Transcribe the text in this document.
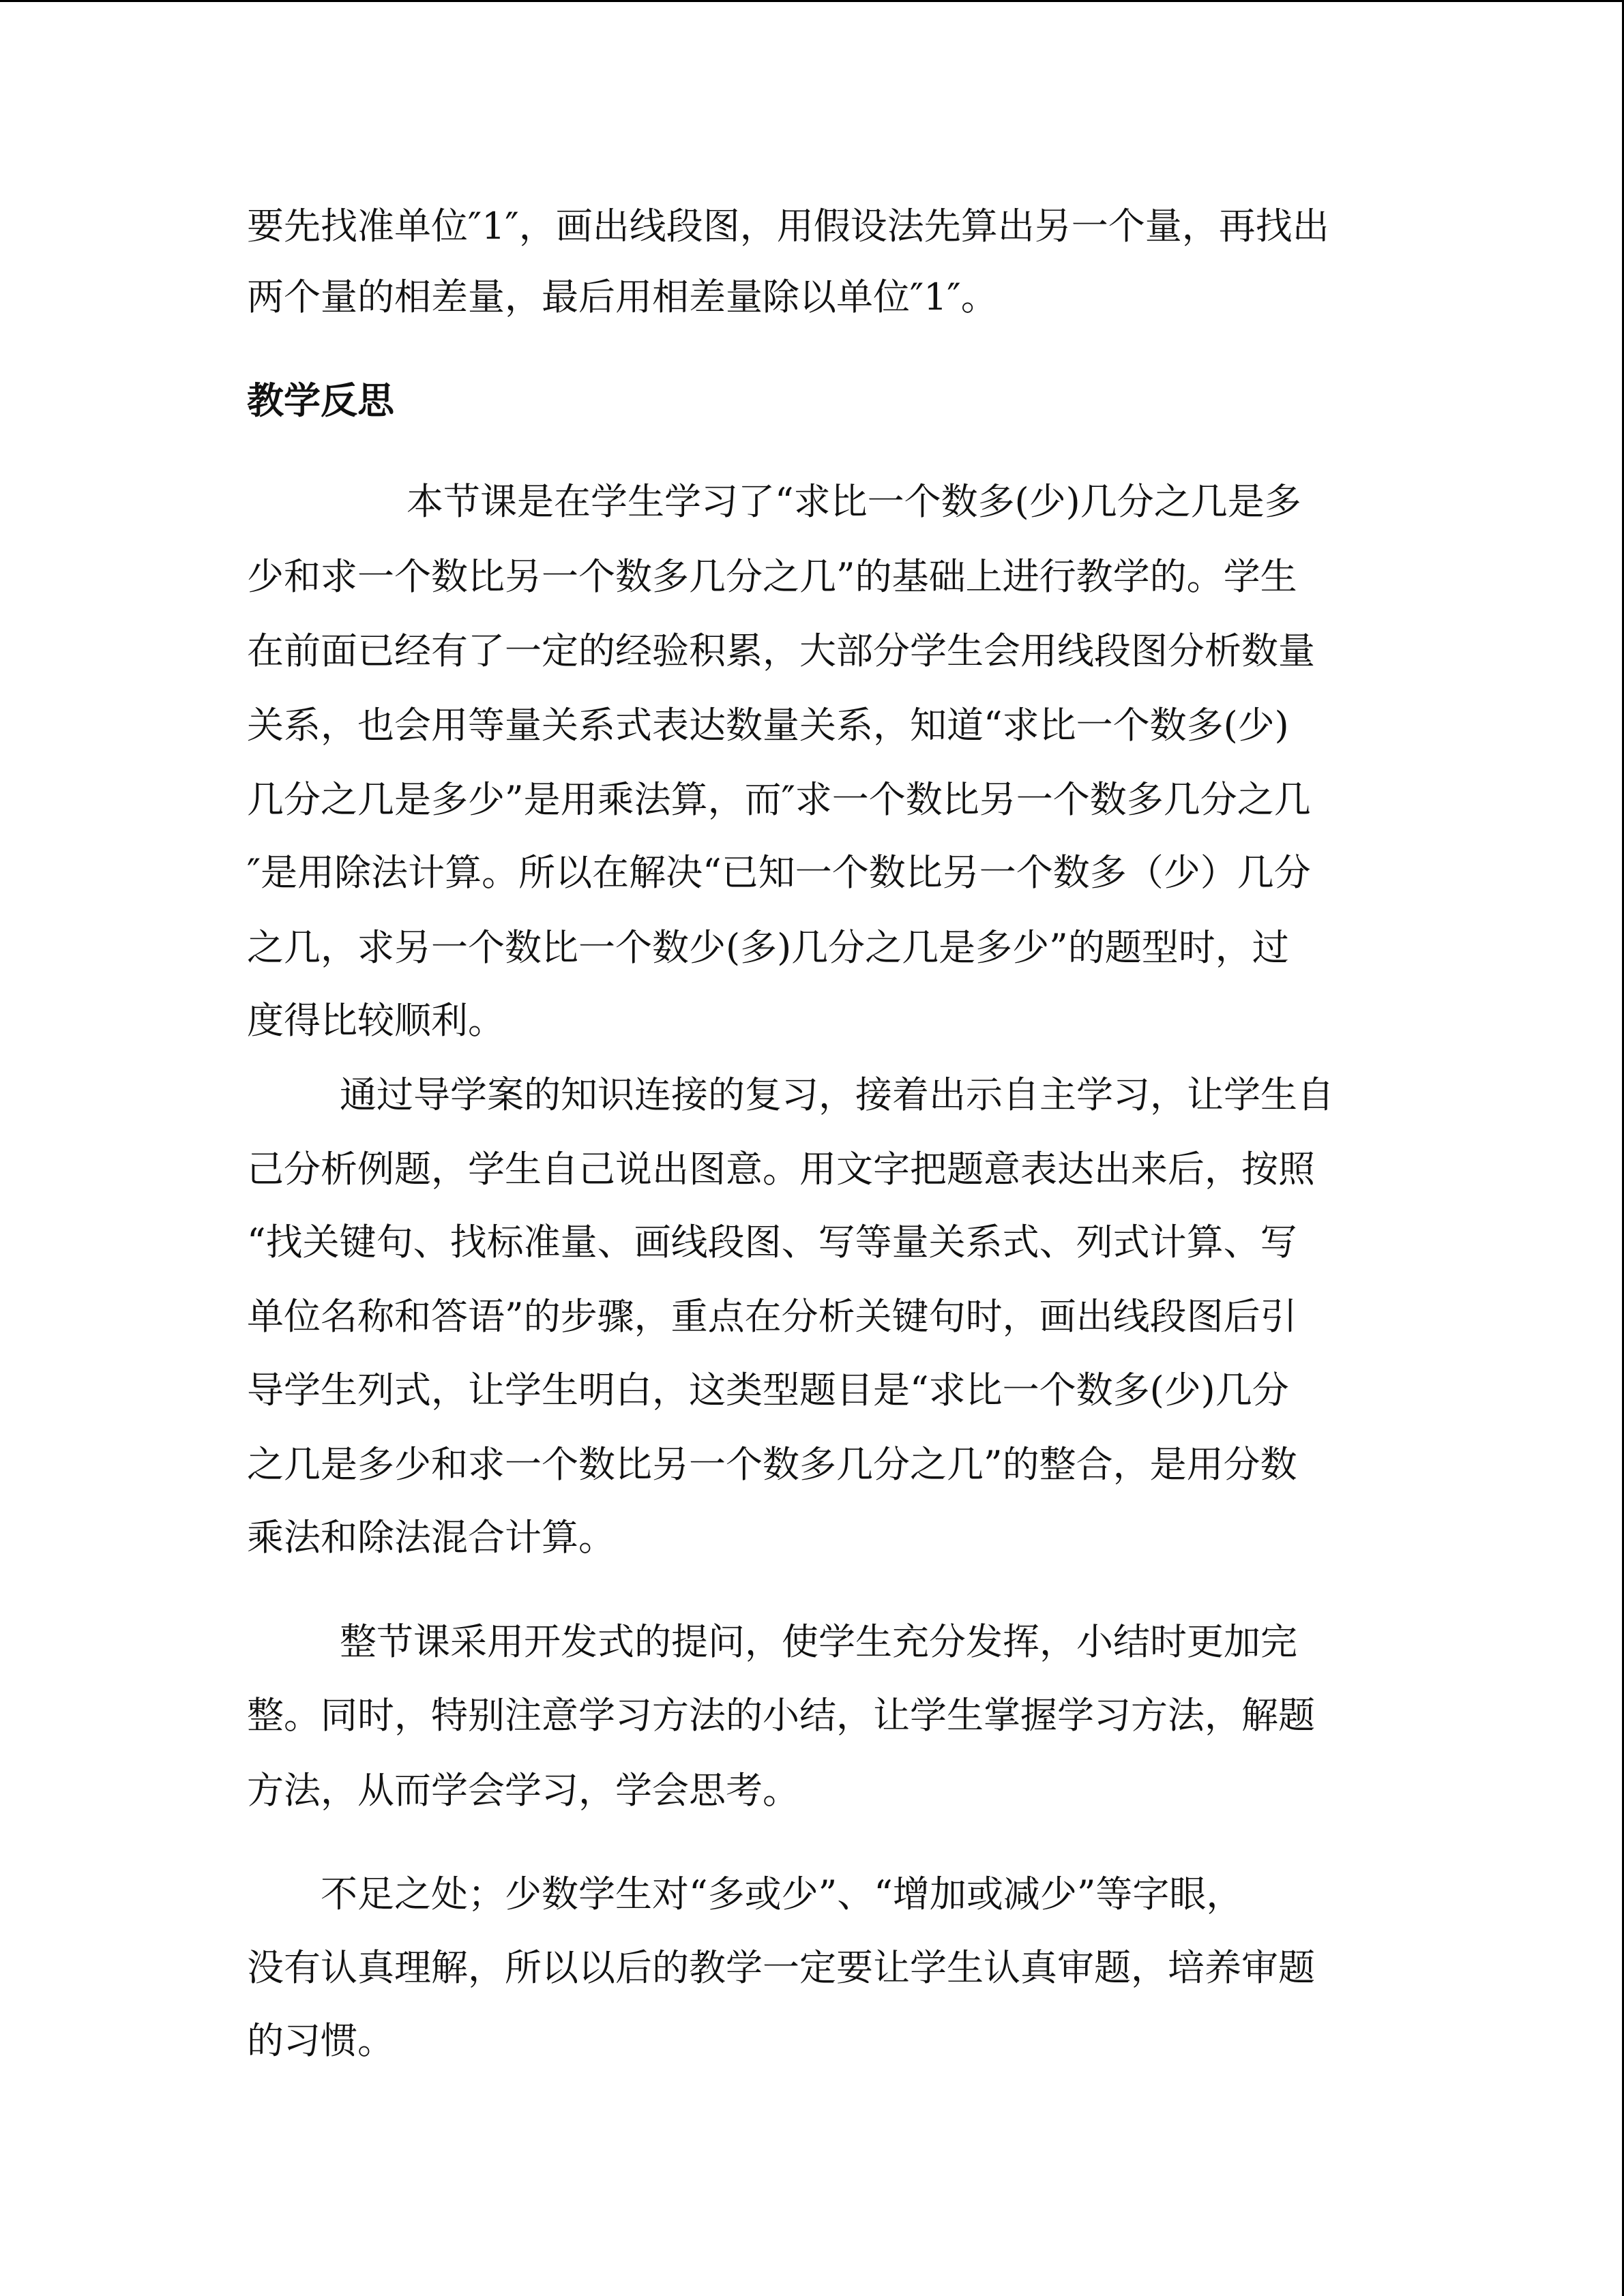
要先找准单位″1″，画出线段图，用假设法先算出另一个量，再找出
两个量的相差量，最后用相差量除以单位″1″。
教学反思
本节课是在学生学习了“求比一个数多(少)几分之几是多
少和求一个数比另一个数多几分之几”的基础上进行教学的。学生
在前面已经有了一定的经验积累，大部分学生会用线段图分析数量
关系，也会用等量关系式表达数量关系，知道“求比一个数多(少)
几分之几是多少”是用乘法算，而″求一个数比另一个数多几分之几
″是用除法计算。所以在解决“已知一个数比另一个数多（少）几分
之几，求另一个数比一个数少(多)几分之几是多少”的题型时，过
度得比较顺利。
通过导学案的知识连接的复习，接着出示自主学习，让学生自
己分析例题，学生自己说出图意。用文字把题意表达出来后，按照
“找关键句、找标准量、画线段图、写等量关系式、列式计算、写
单位名称和答语”的步骤，重点在分析关键句时，画出线段图后引
导学生列式，让学生明白，这类型题目是“求比一个数多(少)几分
之几是多少和求一个数比另一个数多几分之几”的整合，是用分数
乘法和除法混合计算。
整节课采用开发式的提问，使学生充分发挥，小结时更加完
整。同时，特别注意学习方法的小结，让学生掌握学习方法，解题
方法，从而学会学习，学会思考。
不足之处；少数学生对“多或少”、“增加或减少”等字眼，
没有认真理解，所以以后的教学一定要让学生认真审题，培养审题
的习惯。
